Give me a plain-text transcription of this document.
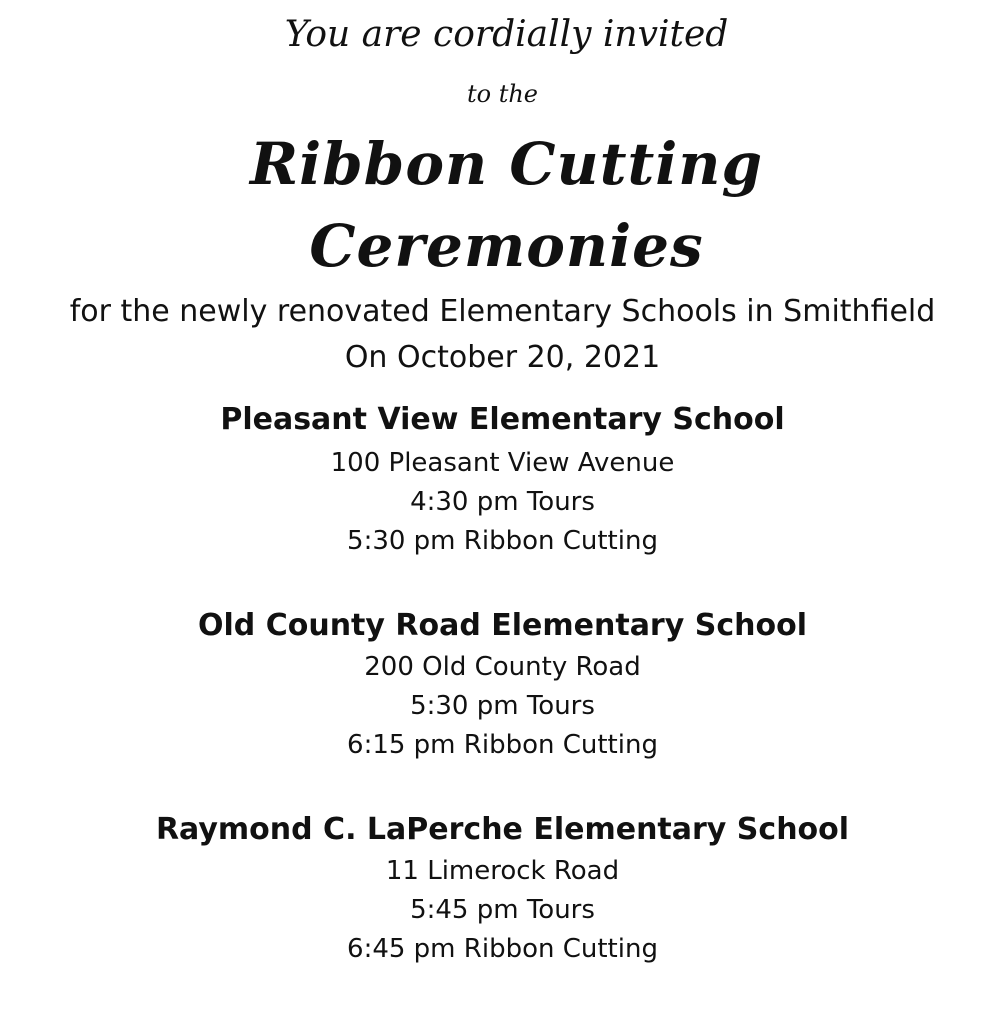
You are cordially invited
to the
Ribbon Cutting
Ceremonies
for the newly renovated Elementary Schools in Smithfield
On October 20, 2021
Pleasant View Elementary School
100 Pleasant View Avenue
4:30 pm Tours
5:30 pm Ribbon Cutting
Old County Road Elementary School
200 Old County Road
5:30 pm Tours
6:15 pm Ribbon Cutting
Raymond C. LaPerche Elementary School
11 Limerock Road
5:45 pm Tours
6:45 pm Ribbon Cutting
